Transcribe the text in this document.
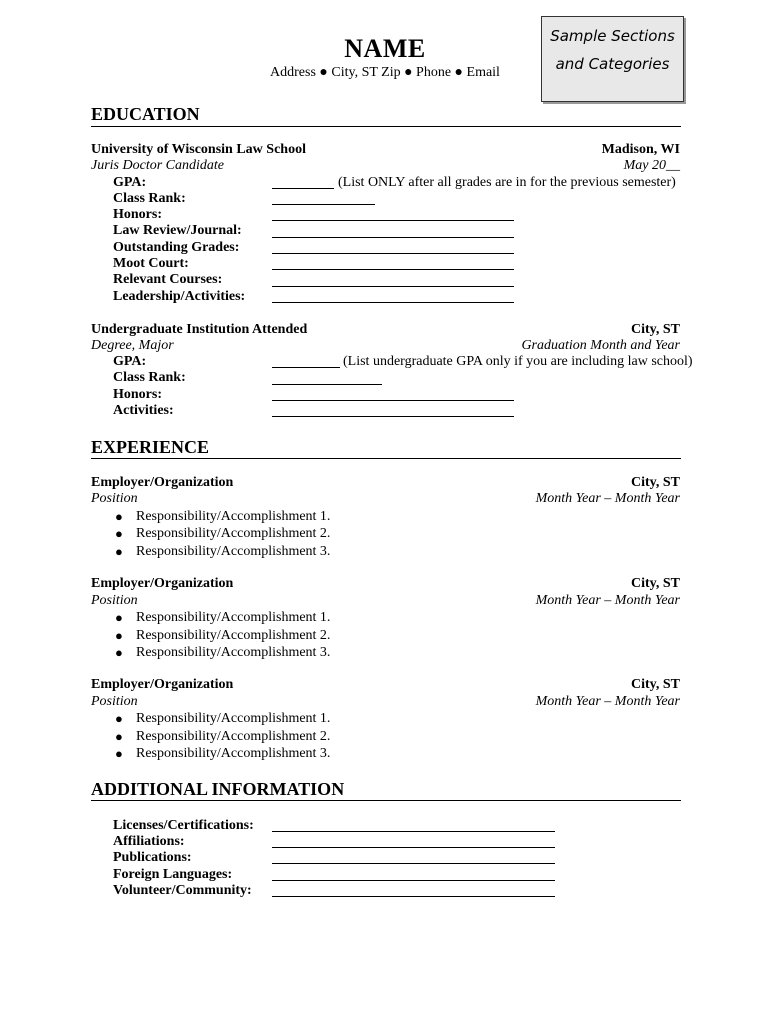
NAME
Address ● City, ST Zip ● Phone ● Email
Sample Sections
and Categories
EDUCATION
University of Wisconsin Law School	Madison, WI
Juris Doctor Candidate	May 20__
GPA:	(List ONLY after all grades are in for the previous semester)
Class Rank:
Honors:
Law Review/Journal:
Outstanding Grades:
Moot Court:
Relevant Courses:
Leadership/Activities:
Undergraduate Institution Attended	City, ST
Degree, Major	Graduation Month and Year
GPA:	(List undergraduate GPA only if you are including law school)
Class Rank:
Honors:
Activities:
EXPERIENCE
Employer/Organization	City, ST
Position	Month Year – Month Year
● Responsibility/Accomplishment 1.
● Responsibility/Accomplishment 2.
● Responsibility/Accomplishment 3.
Employer/Organization	City, ST
Position	Month Year – Month Year
● Responsibility/Accomplishment 1.
● Responsibility/Accomplishment 2.
● Responsibility/Accomplishment 3.
Employer/Organization	City, ST
Position	Month Year – Month Year
● Responsibility/Accomplishment 1.
● Responsibility/Accomplishment 2.
● Responsibility/Accomplishment 3.
ADDITIONAL INFORMATION
Licenses/Certifications:
Affiliations:
Publications:
Foreign Languages:
Volunteer/Community:
